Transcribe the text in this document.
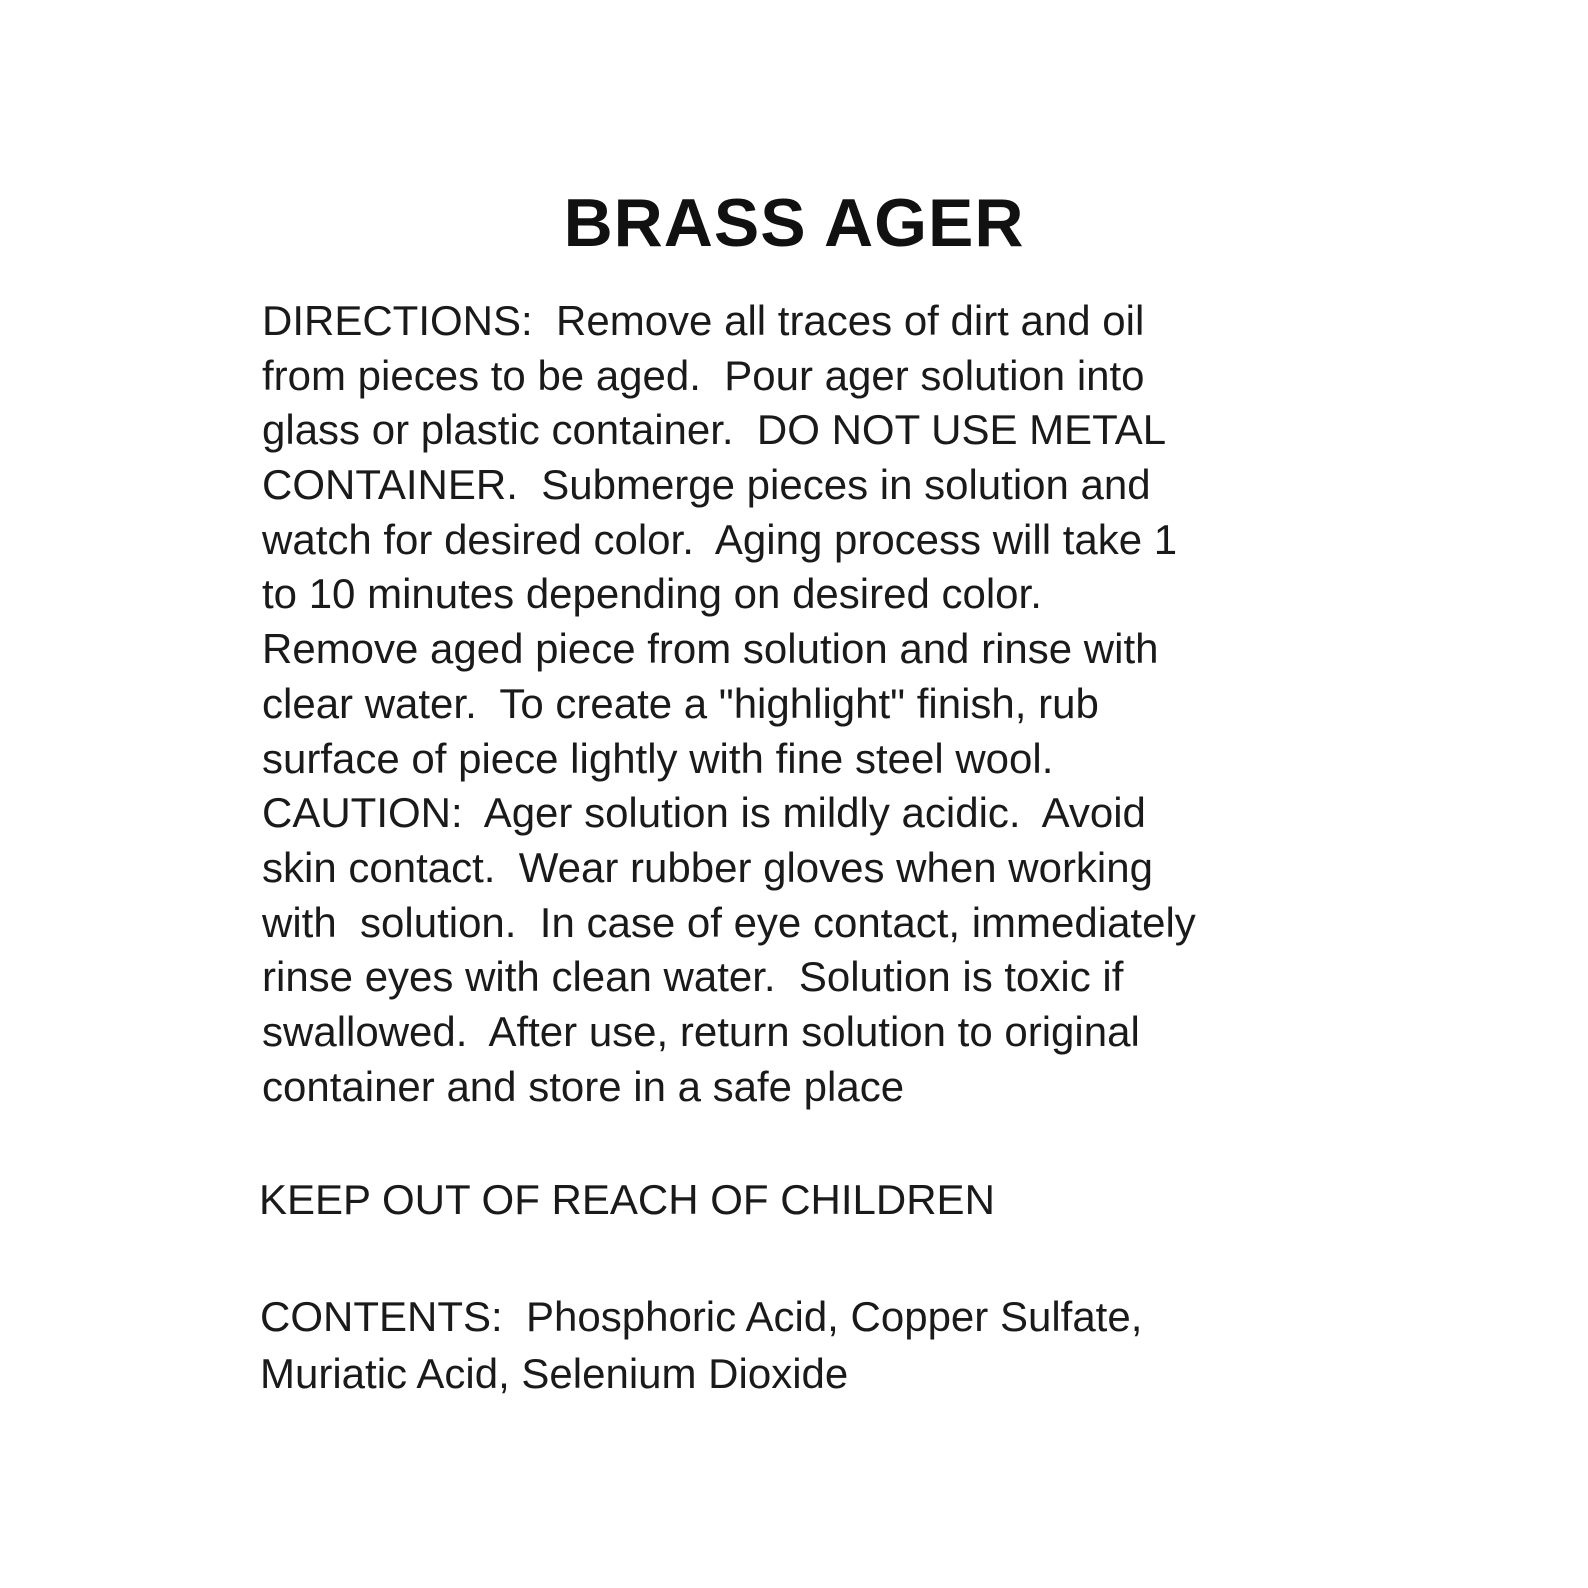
BRASS AGER
DIRECTIONS:  Remove all traces of dirt and oil
from pieces to be aged.  Pour ager solution into
glass or plastic container.  DO NOT USE METAL
CONTAINER.  Submerge pieces in solution and
watch for desired color.  Aging process will take 1
to 10 minutes depending on desired color.
Remove aged piece from solution and rinse with
clear water.  To create a "highlight" finish, rub
surface of piece lightly with fine steel wool.
CAUTION:  Ager solution is mildly acidic.  Avoid
skin contact.  Wear rubber gloves when working
with  solution.  In case of eye contact, immediately
rinse eyes with clean water.  Solution is toxic if
swallowed.  After use, return solution to original
container and store in a safe place

KEEP OUT OF REACH OF CHILDREN

CONTENTS:  Phosphoric Acid, Copper Sulfate,
Muriatic Acid, Selenium Dioxide
